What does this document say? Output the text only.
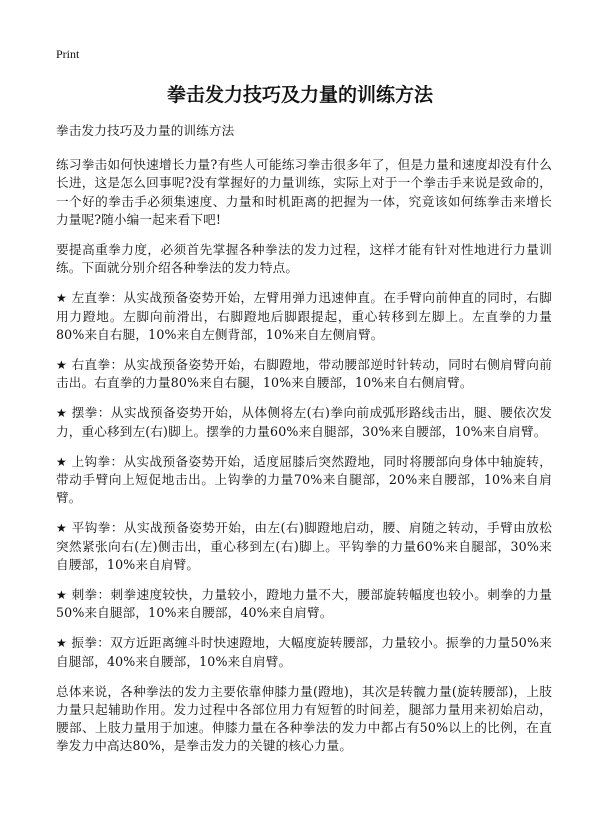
Print
拳击发力技巧及力量的训练方法

拳击发力技巧及力量的训练方法

练习拳击如何快速增长力量?有些人可能练习拳击很多年了，但是力量和速度却没有什么长进，这是怎么回事呢?没有掌握好的力量训练，实际上对于一个拳击手来说是致命的，一个好的拳击手必须集速度、力量和时机距离的把握为一体，究竟该如何练拳击来增长力量呢?随小编一起来看下吧!

要提高重拳力度，必须首先掌握各种拳法的发力过程，这样才能有针对性地进行力量训练。下面就分别介绍各种拳法的发力特点。

★ 左直拳：从实战预备姿势开始，左臂用弹力迅速伸直。在手臂向前伸直的同时，右脚用力蹬地。左脚向前滑出，右脚蹬地后脚跟提起，重心转移到左脚上。左直拳的力量80%来自右腿，10%来自左侧背部，10%来自左侧肩臂。

★ 右直拳：从实战预备姿势开始，右脚蹬地，带动腰部逆时针转动，同时右侧肩臂向前击出。右直拳的力量80%来自右腿，10%来自腰部，10%来自右侧肩臂。

★ 摆拳：从实战预备姿势开始，从体侧将左(右)拳向前成弧形路线击出，腿、腰依次发力，重心移到左(右)脚上。摆拳的力量60%来自腿部，30%来自腰部，10%来自肩臂。

★ 上钩拳：从实战预备姿势开始，适度屈膝后突然蹬地，同时将腰部向身体中轴旋转，带动手臂向上短促地击出。上钩拳的力量70%来自腿部，20%来自腰部，10%来自肩臂。

★ 平钩拳：从实战预备姿势开始，由左(右)脚蹬地启动，腰、肩随之转动，手臂由放松突然紧张向右(左)侧击出，重心移到左(右)脚上。平钩拳的力量60%来自腿部，30%来自腰部，10%来自肩臂。

★ 刺拳：刺拳速度较快，力量较小，蹬地力量不大，腰部旋转幅度也较小。刺拳的力量50%来自腿部，10%来自腰部，40%来自肩臂。

★ 振拳：双方近距离缠斗时快速蹬地，大幅度旋转腰部，力量较小。振拳的力量50%来自腿部，40%来自腰部，10%来自肩臂。

总体来说，各种拳法的发力主要依靠伸膝力量(蹬地)，其次是转髋力量(旋转腰部)，上肢力量只起辅助作用。发力过程中各部位用力有短暂的时间差，腿部力量用来初始启动，腰部、上肢力量用于加速。伸膝力量在各种拳法的发力中都占有50%以上的比例，在直拳发力中高达80%，是拳击发力的关键的核心力量。
